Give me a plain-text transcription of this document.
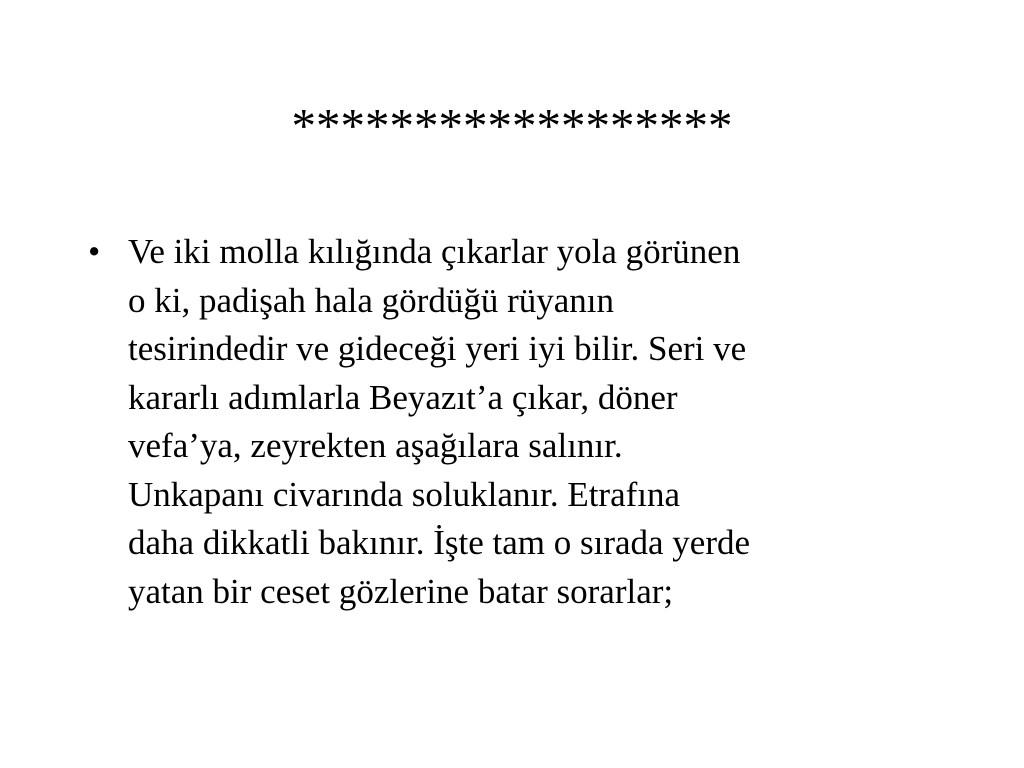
******************
• Ve iki molla kılığında çıkarlar yola görünen
o ki, padişah hala gördüğü rüyanın
tesirindedir ve gideceği yeri iyi bilir. Seri ve
kararlı adımlarla Beyazıt’a çıkar, döner
vefa’ya, zeyrekten aşağılara salınır.
Unkapanı civarında soluklanır. Etrafına
daha dikkatli bakınır. İşte tam o sırada yerde
yatan bir ceset gözlerine batar sorarlar;
